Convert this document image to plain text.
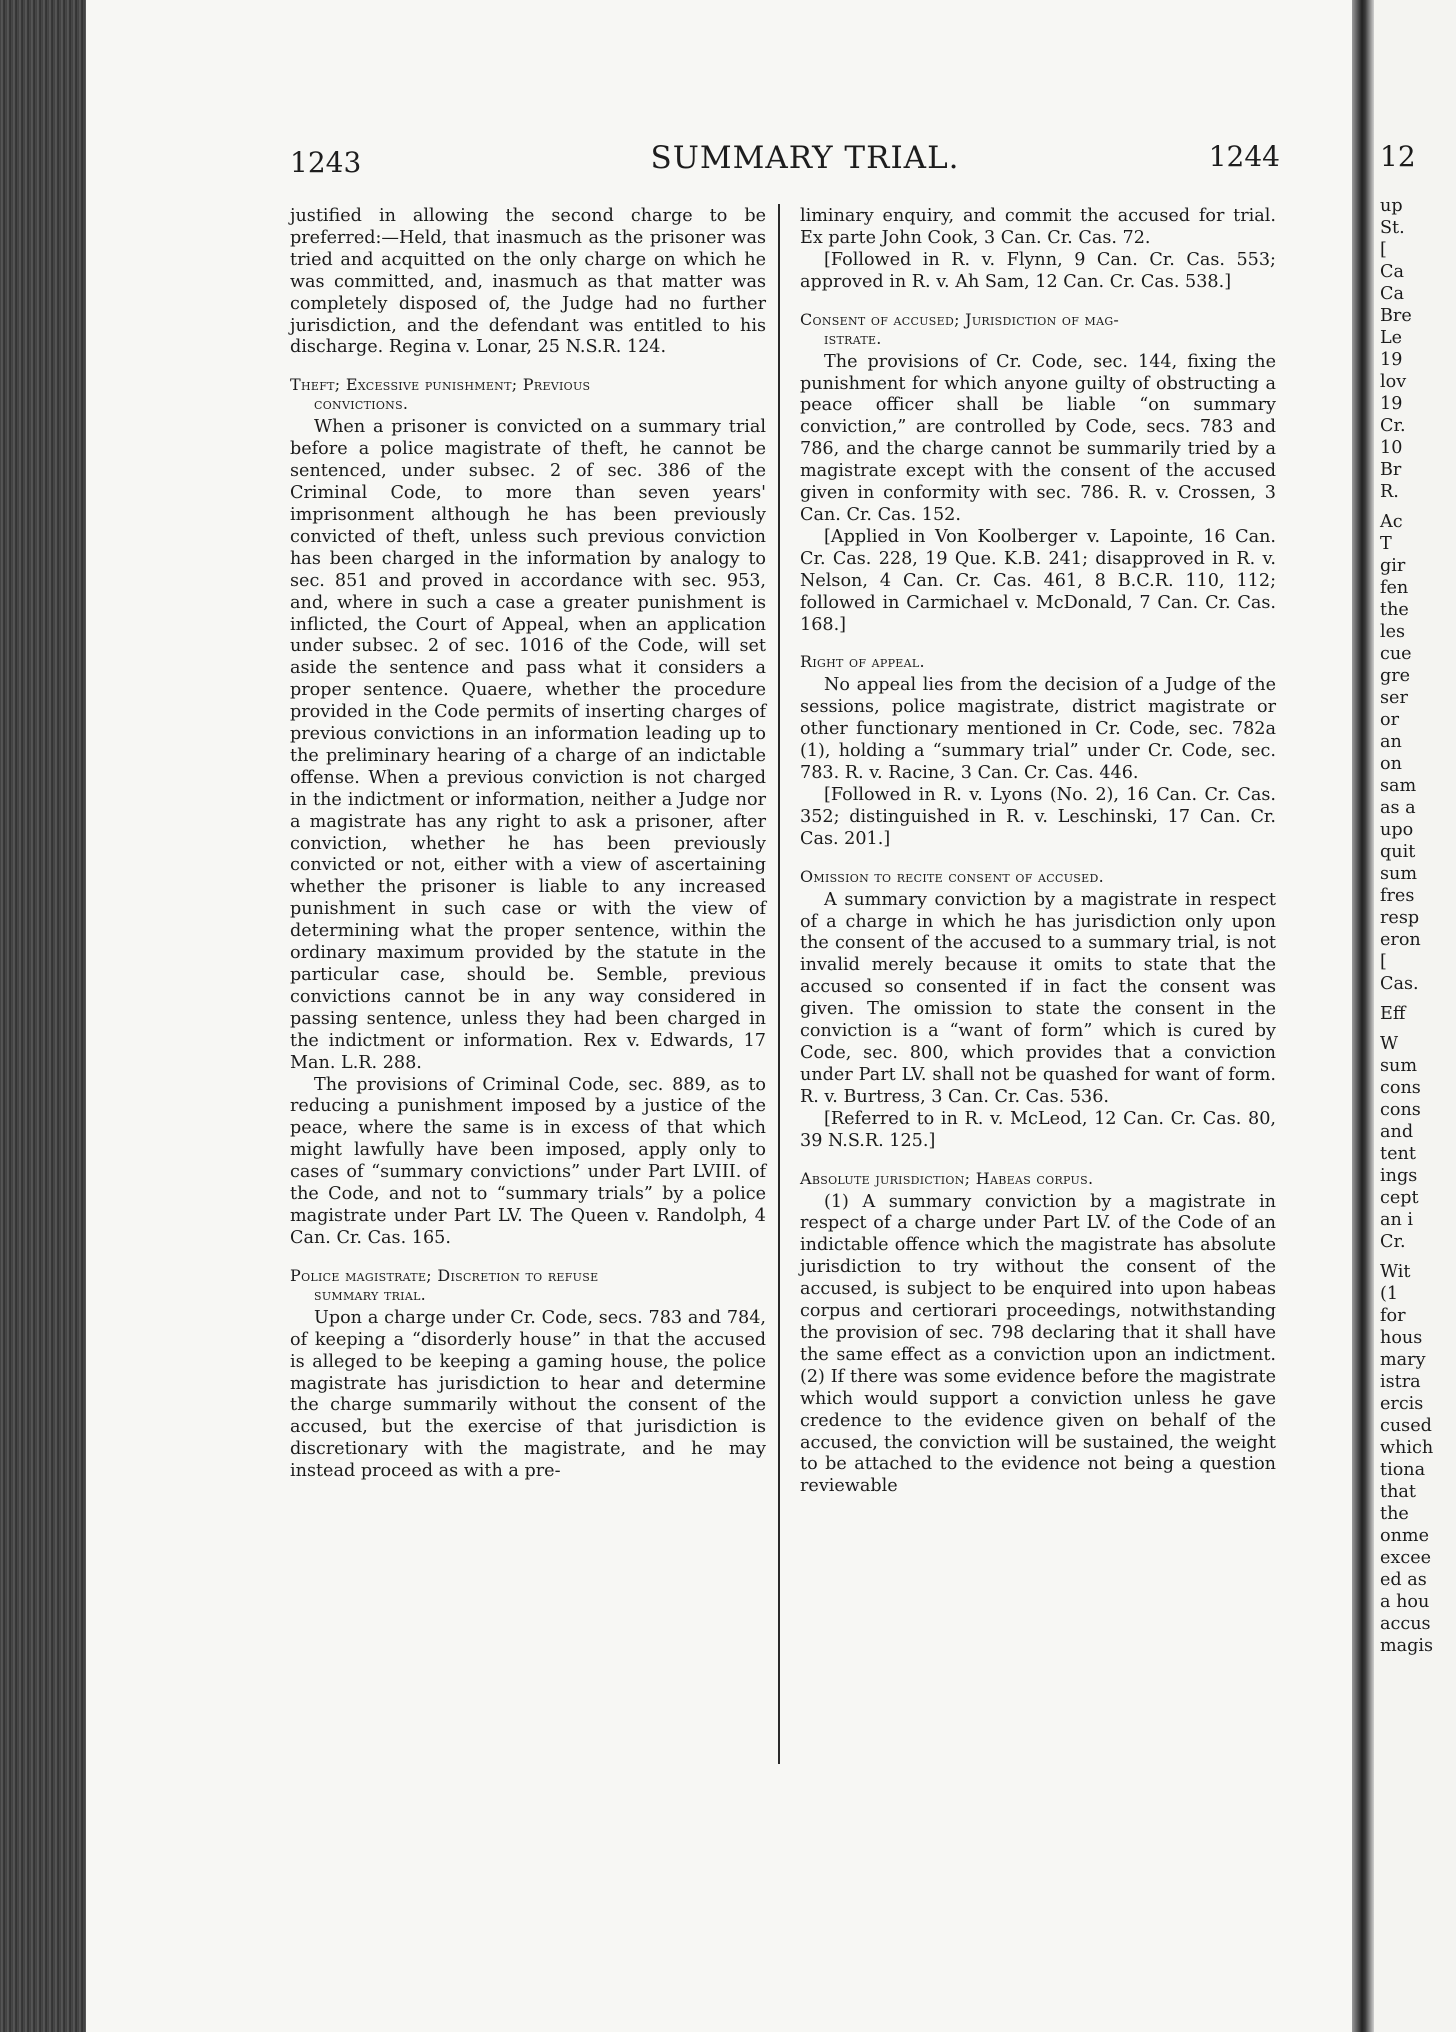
1243	SUMMARY TRIAL.	1244

justified in allowing the second charge to be preferred:—Held, that inasmuch as the prisoner was tried and acquitted on the only charge on which he was committed, and, inasmuch as that matter was completely disposed of, the Judge had no further jurisdiction, and the defendant was entitled to his discharge. Regina v. Lonar, 25 N.S.R. 124.

Theft; Excessive punishment; Previous
convictions.

When a prisoner is convicted on a summary trial before a police magistrate of theft, he cannot be sentenced, under subsec. 2 of sec. 386 of the Criminal Code, to more than seven years' imprisonment although he has been previously convicted of theft, unless such previous conviction has been charged in the information by analogy to sec. 851 and proved in accordance with sec. 953, and, where in such a case a greater punishment is inflicted, the Court of Appeal, when an application under subsec. 2 of sec. 1016 of the Code, will set aside the sentence and pass what it considers a proper sentence. Quaere, whether the procedure provided in the Code permits of inserting charges of previous convictions in an information leading up to the preliminary hearing of a charge of an indictable offense. When a previous conviction is not charged in the indictment or information, neither a Judge nor a magistrate has any right to ask a prisoner, after conviction, whether he has been previously convicted or not, either with a view of ascertaining whether the prisoner is liable to any increased punishment in such case or with the view of determining what the proper sentence, within the ordinary maximum provided by the statute in the particular case, should be. Semble, previous convictions cannot be in any way considered in passing sentence, unless they had been charged in the indictment or information. Rex v. Edwards, 17 Man. L.R. 288.

The provisions of Criminal Code, sec. 889, as to reducing a punishment imposed by a justice of the peace, where the same is in excess of that which might lawfully have been imposed, apply only to cases of “summary convictions” under Part LVIII. of the Code, and not to “summary trials” by a police magistrate under Part LV. The Queen v. Randolph, 4 Can. Cr. Cas. 165.

Police magistrate; Discretion to refuse
summary trial.

Upon a charge under Cr. Code, secs. 783 and 784, of keeping a “disorderly house” in that the accused is alleged to be keeping a gaming house, the police magistrate has jurisdiction to hear and determine the charge summarily without the consent of the accused, but the exercise of that jurisdiction is discretionary with the magistrate, and he may instead proceed as with a pre-

liminary enquiry, and commit the accused for trial. Ex parte John Cook, 3 Can. Cr. Cas. 72.

[Followed in R. v. Flynn, 9 Can. Cr. Cas. 553; approved in R. v. Ah Sam, 12 Can. Cr. Cas. 538.]

Consent of accused; Jurisdiction of mag-
istrate.

The provisions of Cr. Code, sec. 144, fixing the punishment for which anyone guilty of obstructing a peace officer shall be liable “on summary conviction,” are controlled by Code, secs. 783 and 786, and the charge cannot be summarily tried by a magistrate except with the consent of the accused given in conformity with sec. 786. R. v. Crossen, 3 Can. Cr. Cas. 152.

[Applied in Von Koolberger v. Lapointe, 16 Can. Cr. Cas. 228, 19 Que. K.B. 241; disapproved in R. v. Nelson, 4 Can. Cr. Cas. 461, 8 B.C.R. 110, 112; followed in Carmichael v. McDonald, 7 Can. Cr. Cas. 168.]

Right of appeal.

No appeal lies from the decision of a Judge of the sessions, police magistrate, district magistrate or other functionary mentioned in Cr. Code, sec. 782a (1), holding a “summary trial” under Cr. Code, sec. 783. R. v. Racine, 3 Can. Cr. Cas. 446.

[Followed in R. v. Lyons (No. 2), 16 Can. Cr. Cas. 352; distinguished in R. v. Leschinski, 17 Can. Cr. Cas. 201.]

Omission to recite consent of accused.

A summary conviction by a magistrate in respect of a charge in which he has jurisdiction only upon the consent of the accused to a summary trial, is not invalid merely because it omits to state that the accused so consented if in fact the consent was given. The omission to state the consent in the conviction is a “want of form” which is cured by Code, sec. 800, which provides that a conviction under Part LV. shall not be quashed for want of form. R. v. Burtress, 3 Can. Cr. Cas. 536.

[Referred to in R. v. McLeod, 12 Can. Cr. Cas. 80, 39 N.S.R. 125.]

Absolute jurisdiction; Habeas corpus.

(1) A summary conviction by a magistrate in respect of a charge under Part LV. of the Code of an indictable offence which the magistrate has absolute jurisdiction to try without the consent of the accused, is subject to be enquired into upon habeas corpus and certiorari proceedings, notwithstanding the provision of sec. 798 declaring that it shall have the same effect as a conviction upon an indictment. (2) If there was some evidence before the magistrate which would support a conviction unless he gave credence to the evidence given on behalf of the accused, the conviction will be sustained, the weight to be attached to the evidence not being a question reviewable

12
up
St.
[
Ca
Ca
Bre
Le
19
lov
19
Cr.
10
Br
R.
Ac
T
gir
fen
the
les
cue
gre
ser
or
an
on
sam
as a
upo
quit
sum
fres
resp
eron
[
Cas.
Eff
W
sum
cons
cons
and
tent
ings
cept
an i
Cr.
Wit
(1
for
hous
mary
istra
ercis
cused
which
tiona
that
the
onme
excee
ed as
a hou
accus
magis
